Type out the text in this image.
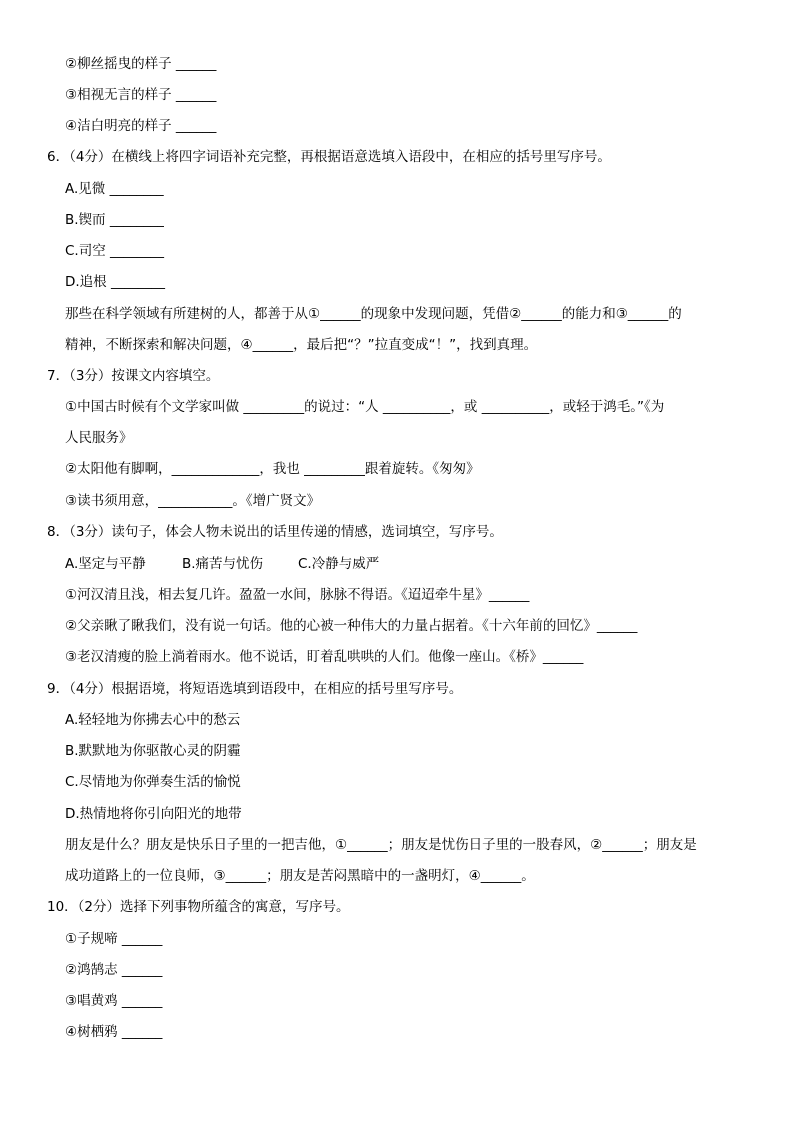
②柳丝摇曳的样子 ______
③相视无言的样子 ______
④洁白明亮的样子 ______
6．（4分）在横线上将四字词语补充完整，再根据语意选填入语段中，在相应的括号里写序号。
A.见微 ________
B.锲而 ________
C.司空 ________
D.追根 ________
那些在科学领域有所建树的人，都善于从①______的现象中发现问题，凭借②______的能力和③______的
精神，不断探索和解决问题，④______，最后把“？”拉直变成“！”，找到真理。
7．（3分）按课文内容填空。
①中国古时候有个文学家叫做 _________的说过：“人 __________，或 __________，或轻于鸿毛。”《为
人民服务》
②太阳他有脚啊，_____________，我也 _________跟着旋转。《匆匆》
③读书须用意，___________。《增广贤文》
8．（3分）读句子，体会人物未说出的话里传递的情感，选词填空，写序号。
A.坚定与平静	B.痛苦与忧伤	C.冷静与威严
①河汉清且浅，相去复几许。盈盈一水间，脉脉不得语。《迢迢牵牛星》______
②父亲瞅了瞅我们，没有说一句话。他的心被一种伟大的力量占据着。《十六年前的回忆》______
③老汉清瘦的脸上淌着雨水。他不说话，盯着乱哄哄的人们。他像一座山。《桥》______
9．（4分）根据语境，将短语选填到语段中，在相应的括号里写序号。
A.轻轻地为你拂去心中的愁云
B.默默地为你驱散心灵的阴霾
C.尽情地为你弹奏生活的愉悦
D.热情地将你引向阳光的地带
朋友是什么？朋友是快乐日子里的一把吉他，①______；朋友是忧伤日子里的一股春风，②______；朋友是
成功道路上的一位良师，③______；朋友是苦闷黑暗中的一盏明灯，④______。
10．（2分）选择下列事物所蕴含的寓意，写序号。
①子规啼 ______
②鸿鹄志 ______
③唱黄鸡 ______
④树栖鸦 ______
